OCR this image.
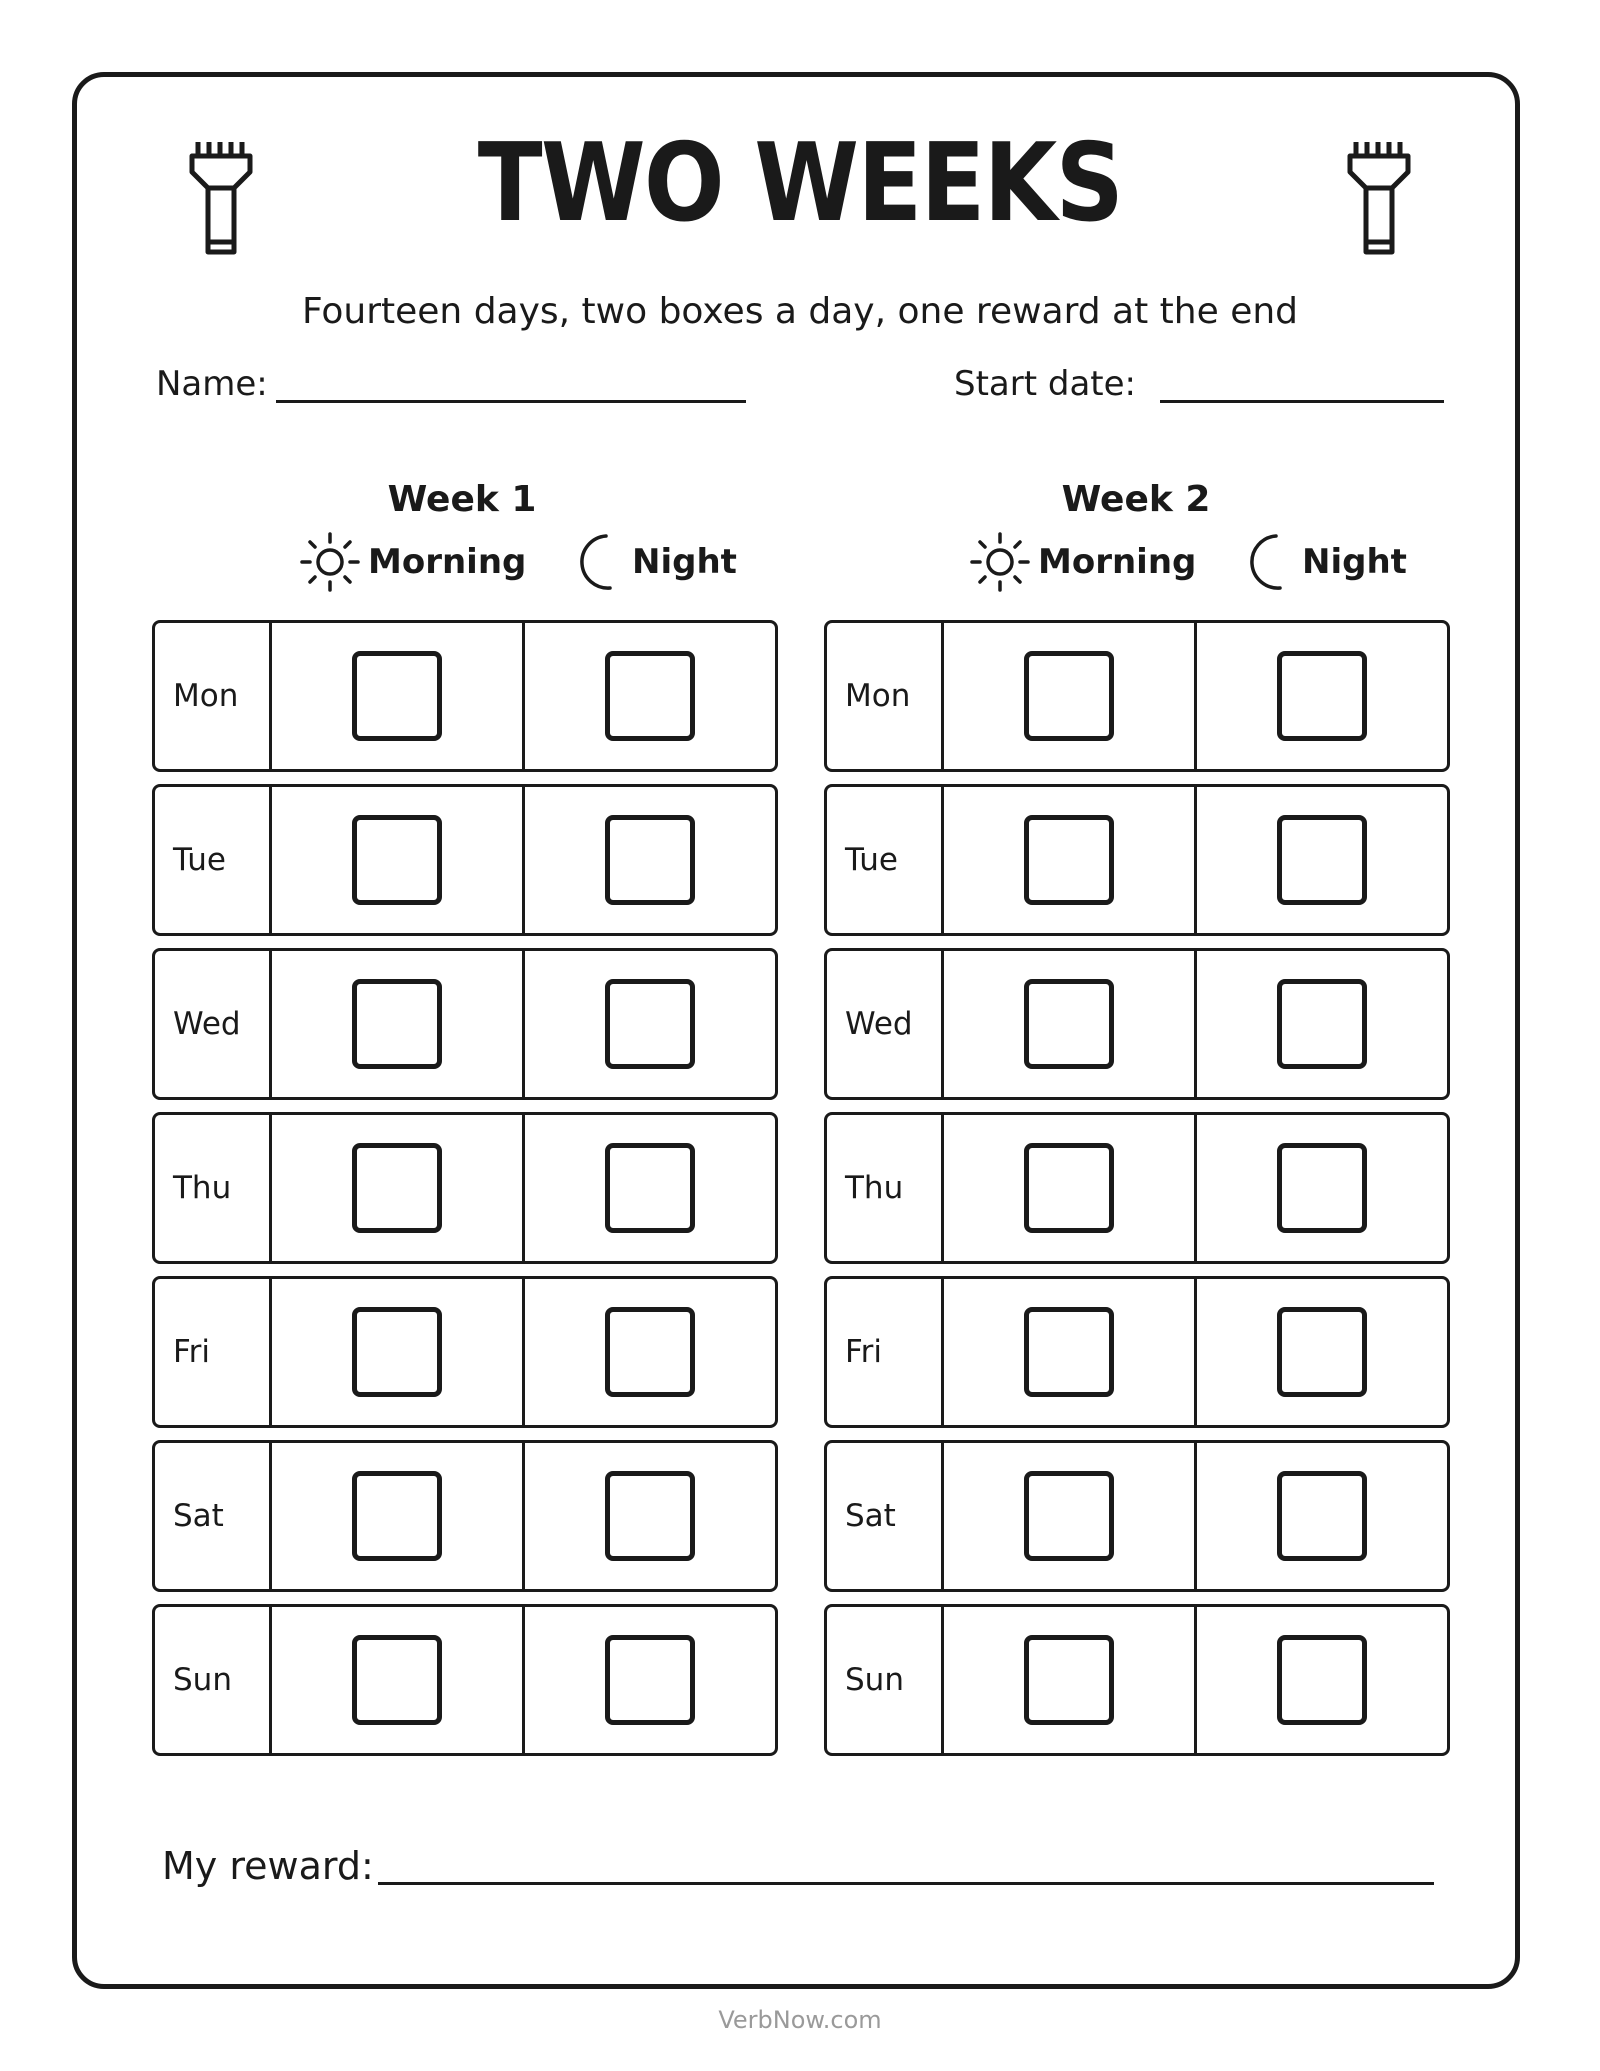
TWO WEEKS
Fourteen days, two boxes a day, one reward at the end
Name:	Start date:
Week 1
Morning	Night
Week 2
Morning	Night
Mon
Tue
Wed
Thu
Fri
Sat
Sun
Mon
Tue
Wed
Thu
Fri
Sat
Sun
My reward:
VerbNow.com
